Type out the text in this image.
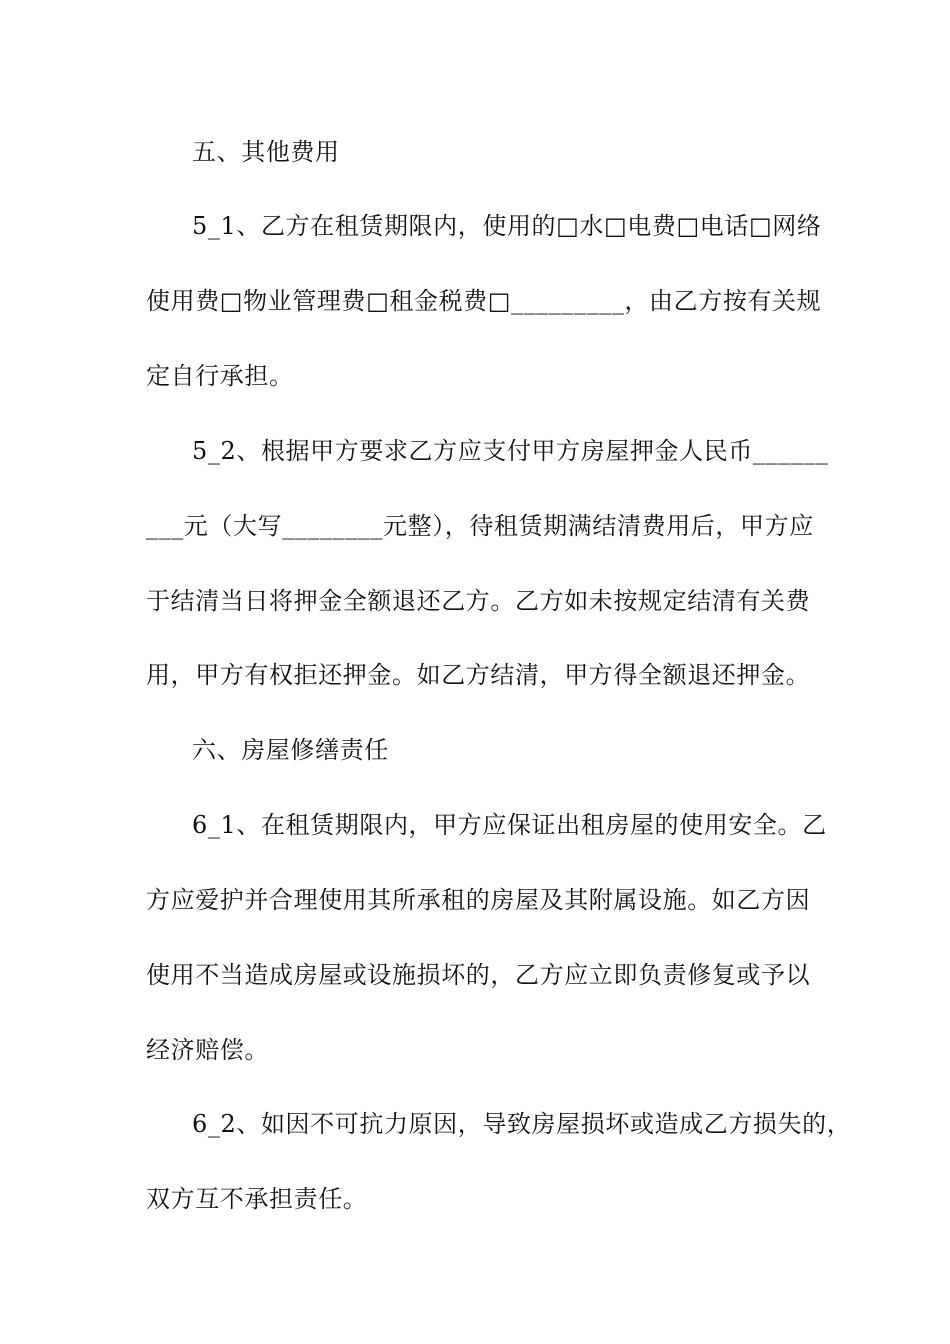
五、其他费用
5_1、乙方在租赁期限内，使用的□水□电费□电话□网络
使用费□物业管理费□租金税费□_________，由乙方按有关规
定自行承担。
5_2、根据甲方要求乙方应支付甲方房屋押金人民币______
___元（大写________元整），待租赁期满结清费用后，甲方应
于结清当日将押金全额退还乙方。乙方如未按规定结清有关费
用，甲方有权拒还押金。如乙方结清，甲方得全额退还押金。
六、房屋修缮责任
6_1、在租赁期限内，甲方应保证出租房屋的使用安全。乙
方应爱护并合理使用其所承租的房屋及其附属设施。如乙方因
使用不当造成房屋或设施损坏的，乙方应立即负责修复或予以
经济赔偿。
6_2、如因不可抗力原因，导致房屋损坏或造成乙方损失的，
双方互不承担责任。
